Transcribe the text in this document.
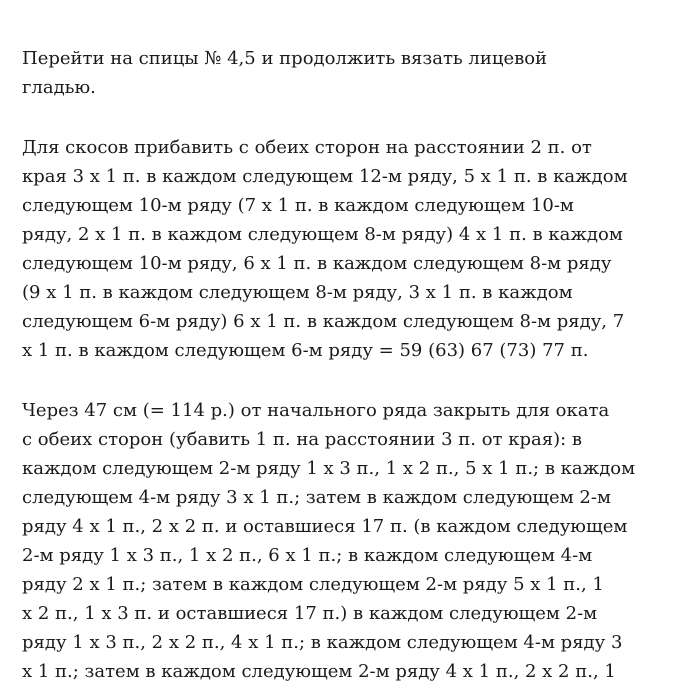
Перейти на спицы № 4,5 и продолжить вязать лицевой
гладью.

Для скосов прибавить с обеих сторон на расстоянии 2 п. от
края 3 х 1 п. в каждом следующем 12-м ряду, 5 х 1 п. в каждом
следующем 10-м ряду (7 х 1 п. в каждом следующем 10-м
ряду, 2 х 1 п. в каждом следующем 8-м ряду) 4 х 1 п. в каждом
следующем 10-м ряду, 6 х 1 п. в каждом следующем 8-м ряду
(9 х 1 п. в каждом следующем 8-м ряду, 3 х 1 п. в каждом
следующем 6-м ряду) 6 х 1 п. в каждом следующем 8-м ряду, 7
х 1 п. в каждом следующем 6-м ряду = 59 (63) 67 (73) 77 п.

Через 47 см (= 114 р.) от начального ряда закрыть для оката
с обеих сторон (убавить 1 п. на расстоянии 3 п. от края): в
каждом следующем 2-м ряду 1 х 3 п., 1 х 2 п., 5 х 1 п.; в каждом
следующем 4-м ряду 3 х 1 п.; затем в каждом следующем 2-м
ряду 4 х 1 п., 2 х 2 п. и оставшиеся 17 п. (в каждом следующем
2-м ряду 1 х 3 п., 1 х 2 п., 6 х 1 п.; в каждом следующем 4-м
ряду 2 х 1 п.; затем в каждом следующем 2-м ряду 5 х 1 п., 1
х 2 п., 1 х 3 п. и оставшиеся 17 п.) в каждом следующем 2-м
ряду 1 х 3 п., 2 х 2 п., 4 х 1 п.; в каждом следующем 4-м ряду 3
х 1 п.; затем в каждом следующем 2-м ряду 4 х 1 п., 2 х 2 п., 1
